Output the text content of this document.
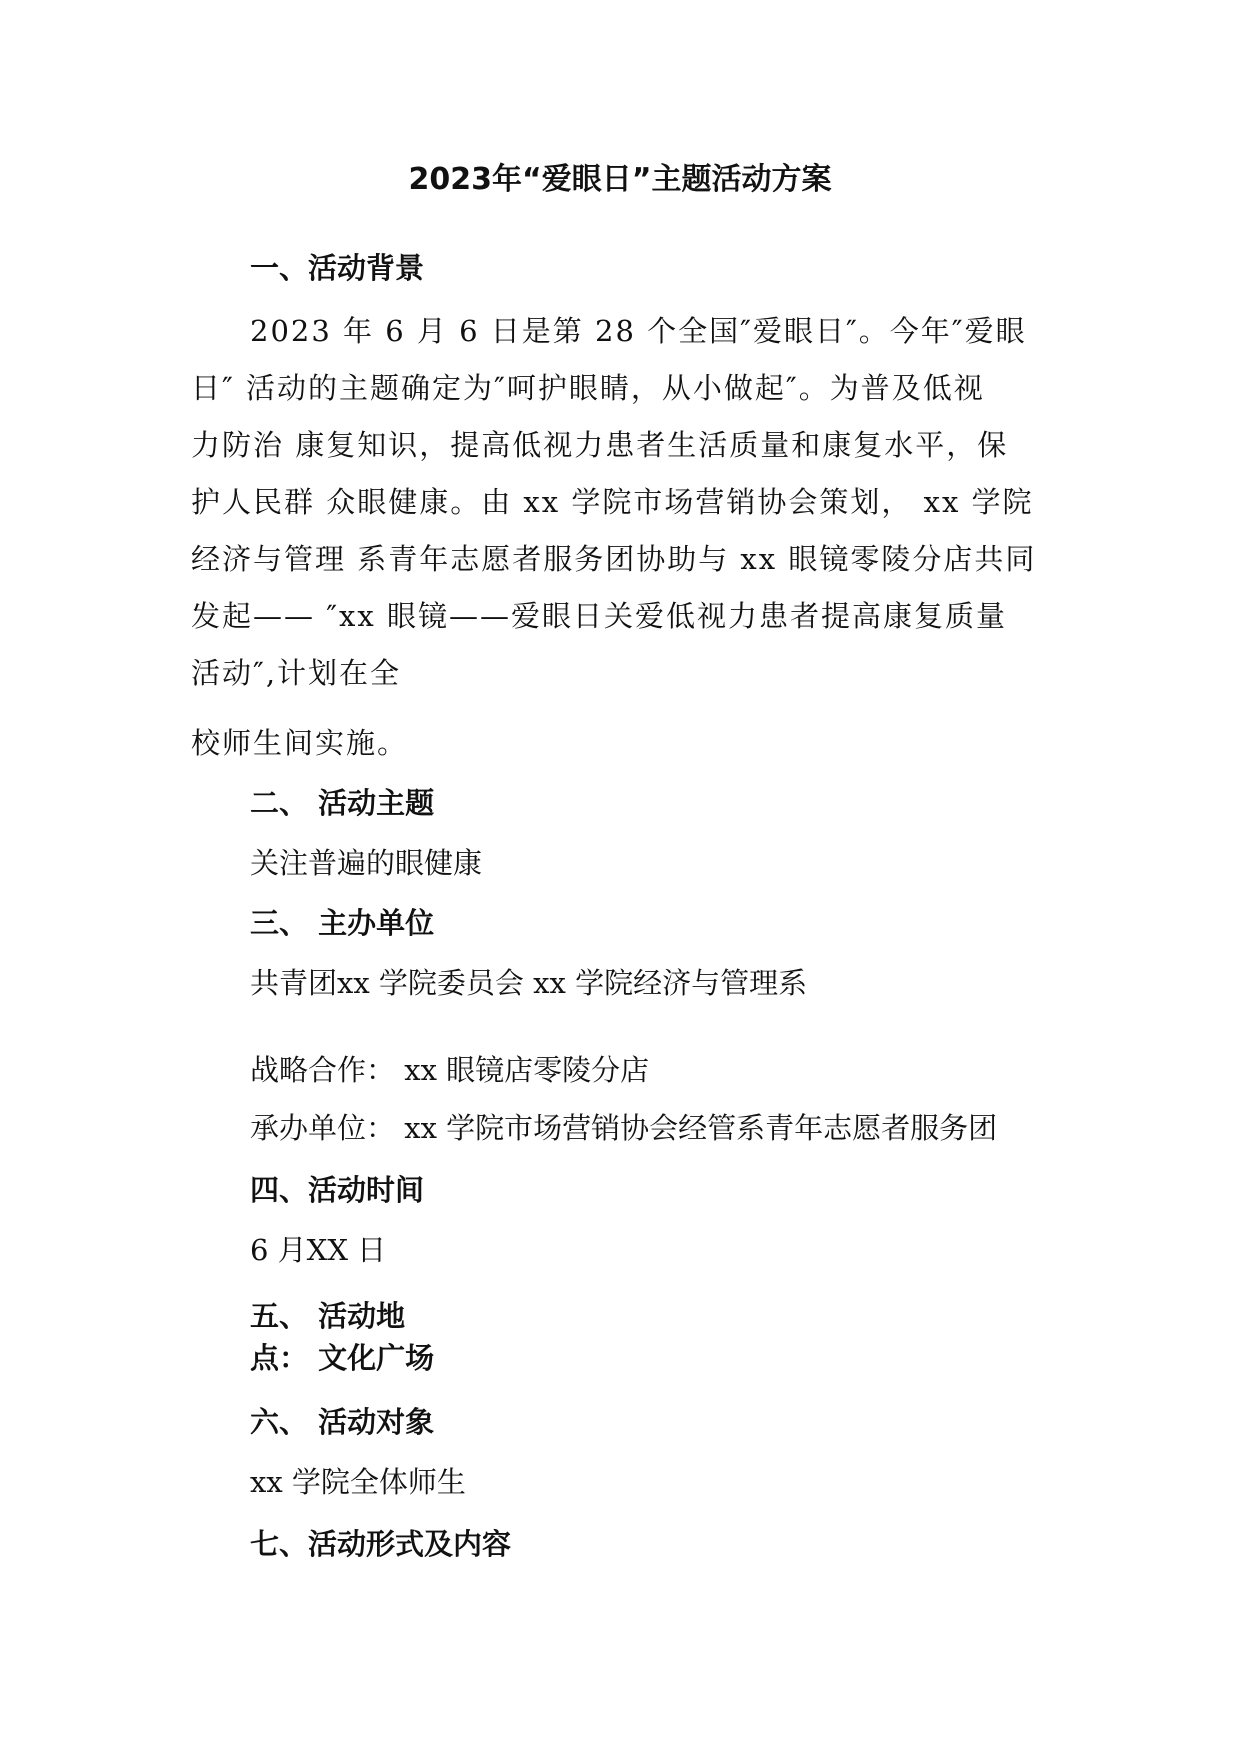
2023年“爱眼日”主题活动方案
一、活动背景
2023 年 6 月 6 日是第 28 个全国″爱眼日″。今年″爱眼
日″ 活动的主题确定为″呵护眼睛，从小做起″。为普及低视
力防治 康复知识，提高低视力患者生活质量和康复水平，保
护人民群 众眼健康。由 xx 学院市场营销协会策划， xx 学院
经济与管理 系青年志愿者服务团协助与 xx 眼镜零陵分店共同
发起—— ″xx 眼镜——爱眼日关爱低视力患者提高康复质量
活动″,计划在全
校师生间实施。
二、 活动主题
关注普遍的眼健康
三、 主办单位
共青团xx 学院委员会 xx 学院经济与管理系
战略合作： xx 眼镜店零陵分店
承办单位： xx 学院市场营销协会经管系青年志愿者服务团
四、活动时间
6 月XX 日
五、 活动地
点： 文化广场
六、 活动对象
xx 学院全体师生
七、活动形式及内容
